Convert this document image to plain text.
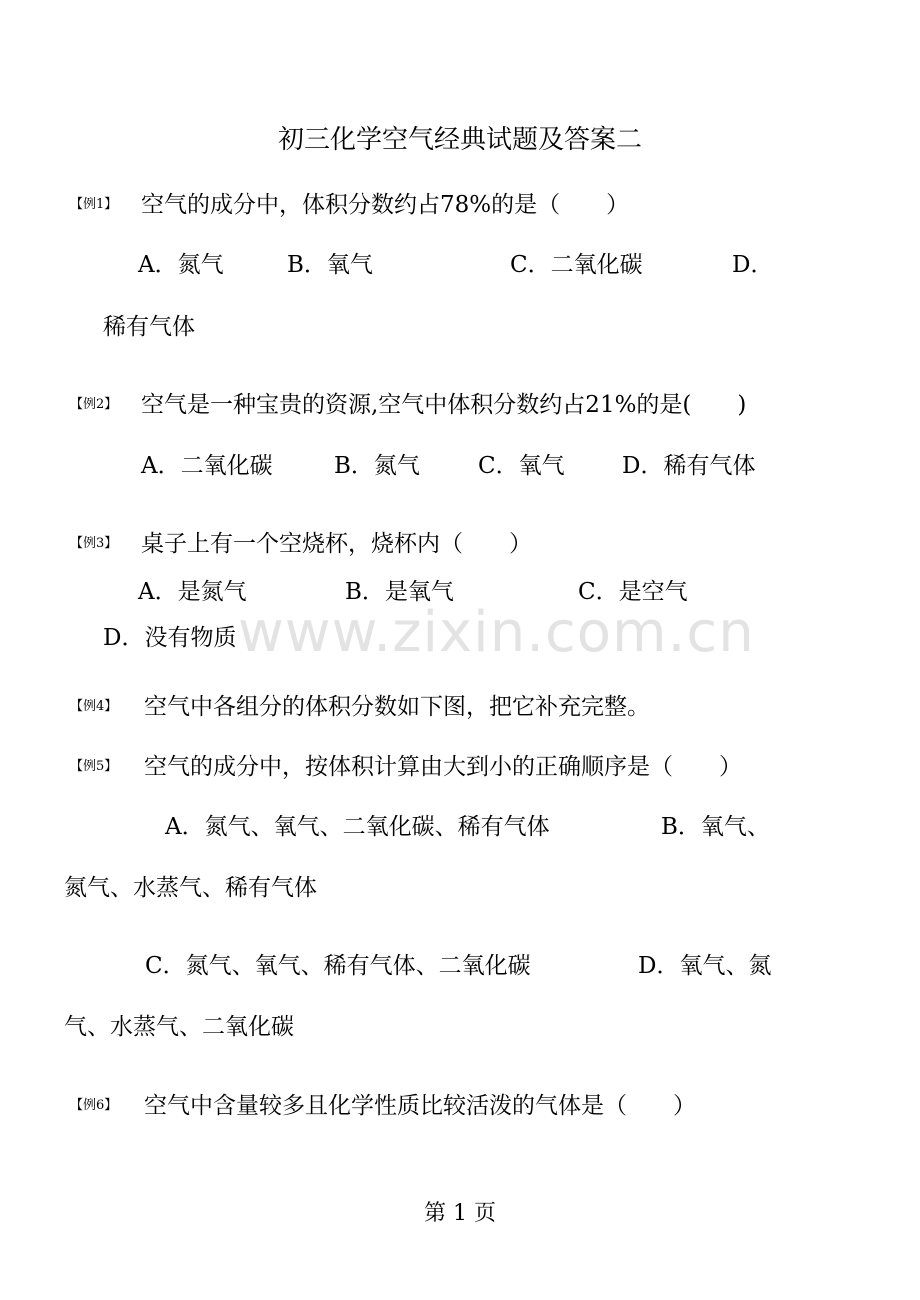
初三化学空气经典试题及答案二
【例1】 空气的成分中，体积分数约占78%的是（　　）
A．氮气	B．氧气	C．二氧化碳	D．
稀有气体
【例2】 空气是一种宝贵的资源,空气中体积分数约占21%的是(　　)
A．二氧化碳	B．氮气	C．氧气 D．稀有气体
【例3】 桌子上有一个空烧杯，烧杯内（　　）
A．是氮气	B．是氧气	C．是空气
D．没有物质 www.zixin.com.cn
【例4】 空气中各组分的体积分数如下图，把它补充完整。
【例5】 空气的成分中，按体积计算由大到小的正确顺序是（　　）
A．氮气、氧气、二氧化碳、稀有气体	B．氧气、
氮气、水蒸气、稀有气体
C．氮气、氧气、稀有气体、二氧化碳	D．氧气、氮
气、水蒸气、二氧化碳
【例6】 空气中含量较多且化学性质比较活泼的气体是（　　）
第 1 页
